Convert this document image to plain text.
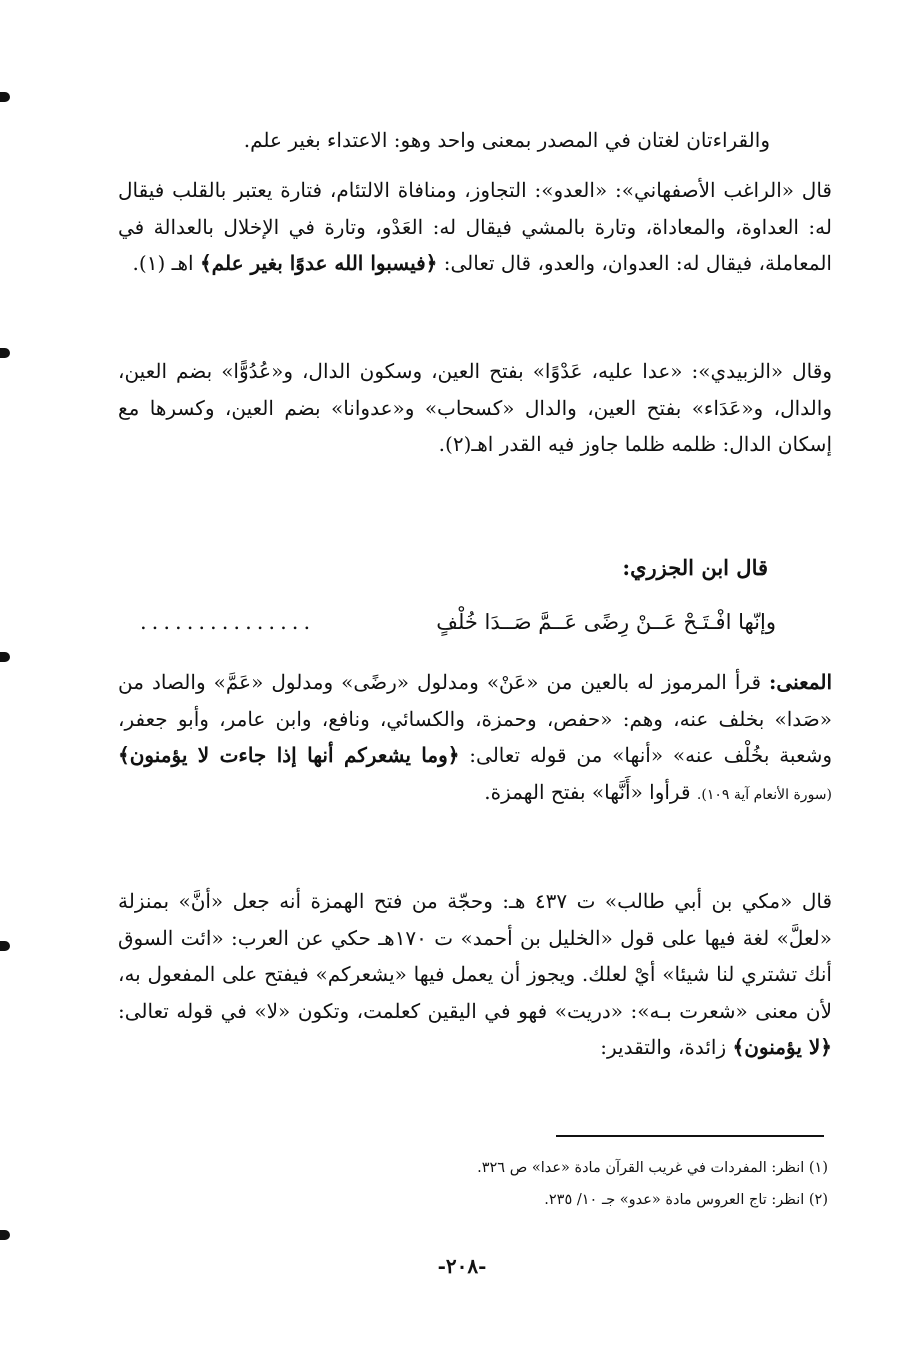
والقراءتان لغتان في المصدر بمعنى واحد وهو: الاعتداء بغير علم.

قال «الراغب الأصفهاني»: «العدو»: التجاوز، ومنافاة الالتئام، فتارة يعتبر بالقلب فيقال له: العداوة، والمعاداة، وتارة بالمشي فيقال له: العَدْو، وتارة في الإخلال بالعدالة في المعاملة، فيقال له: العدوان، والعدو، قال تعالى: ﴿فيسبوا الله عدوًا بغير علم﴾ اهـ (١).

وقال «الزبيدي»: «عدا عليه، عَدْوًا» بفتح العين، وسكون الدال، و«عُدُوًّا» بضم العين، والدال، و«عَدَاء» بفتح العين، والدال «كسحاب» و«عدوانا» بضم العين، وكسرها مع إسكان الدال: ظلمه ظلما جاوز فيه القدر اهـ(٢).

قال ابن الجزري:
وإنّها افْـتَـحْ عَــنْ رِضًى عَــمَّ صَــدَا خُلْفٍ
...............

المعنى: قرأ المرموز له بالعين من «عَنْ» ومدلول «رضًى» ومدلول «عَمَّ» والصاد من «صَدا» بخلف عنه، وهم: «حفص، وحمزة، والكسائي، ونافع، وابن عامر، وأبو جعفر، وشعبة بخُلْف عنه» «أنها» من قوله تعالى: ﴿وما يشعركم أنها إذا جاءت لا يؤمنون﴾ (سورة الأنعام آية ١٠٩). قرأوا «أَنَّها» بفتح الهمزة.

قال «مكي بن أبي طالب» ت ٤٣٧ هـ: وحجّة من فتح الهمزة أنه جعل «أنَّ» بمنزلة «لعلَّ» لغة فيها على قول «الخليل بن أحمد» ت ١٧٠هـ حكي عن العرب: «ائت السوق أنك تشتري لنا شيئا» أيْ لعلك. ويجوز أن يعمل فيها «يشعركم» فيفتح على المفعول به، لأن معنى «شعرت بـه»: «دريت» فهو في اليقين كعلمت، وتكون «لا» في قوله تعالى: ﴿لا يؤمنون﴾ زائدة، والتقدير:

(١) انظر: المفردات في غريب القرآن مادة «عدا» ص ٣٢٦.

(٢) انظر: تاج العروس مادة «عدو» جـ ١٠/ ٢٣٥.

-٢٠٨-
